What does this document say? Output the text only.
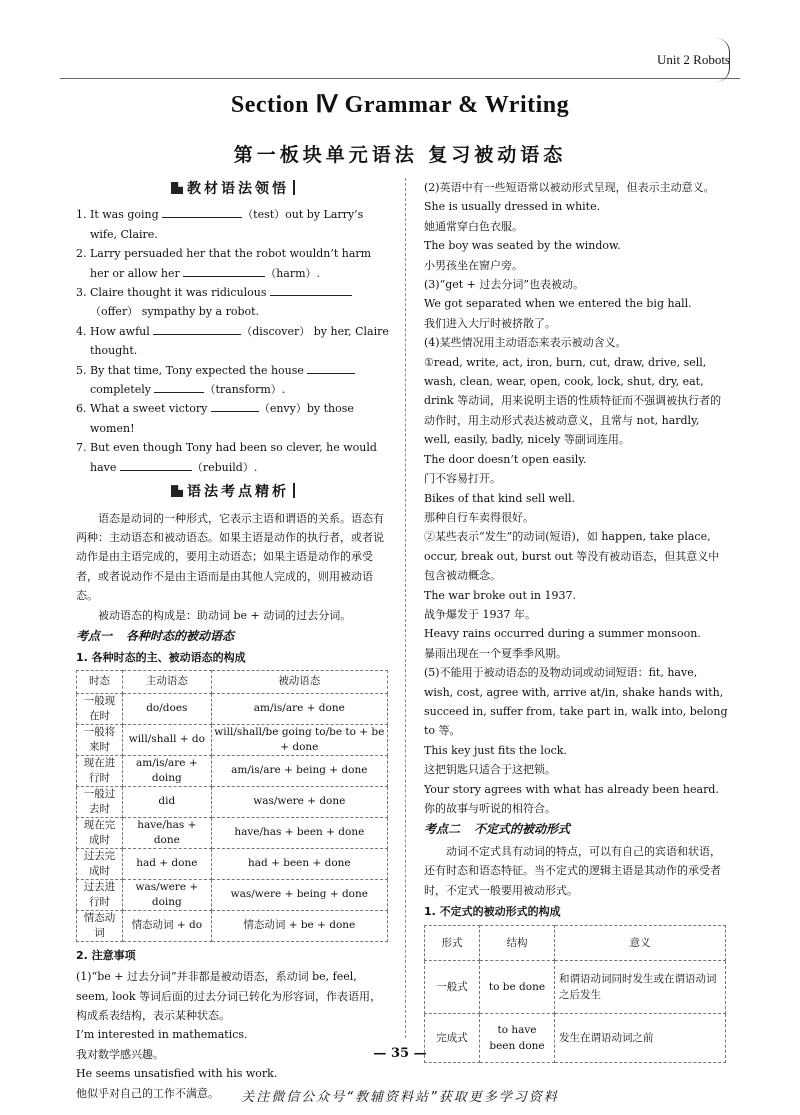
Unit 2 Robots
Section Ⅳ Grammar & Writing
第一板块单元语法 复习被动语态
教材语法领悟

1. It was going	（test）out by Larry’s wife, Claire.

2. Larry persuaded her that the robot wouldn’t harm her or allow her	（harm）.

3. Claire thought it was ridiculous （offer） sympathy by a robot.

4. How awful	（discover） by her, Claire thought.

5. By that time, Tony expected the house  completely	（transform）.

6. What a sweet victory	（envy）by those women!

7. But even though Tony had been so clever, he would have	（rebuild）.

语法考点精析

语态是动词的一种形式，它表示主语和谓语的关系。语态有两种：主动语态和被动语态。如果主语是动作的执行者，或者说动作是由主语完成的，要用主动语态；如果主语是动作的承受者，或者说动作不是由主语而是由其他人完成的，则用被动语态。

被动语态的构成是：助动词 be + 动词的过去分词。

考点一 各种时态的被动语态
1. 各种时态的主、被动语态的构成
时态	主动语态	被动语态
一般现在时	do/does	am/is/are + done
一般将来时	will/shall + do	will/shall/be going to/be to + be + done
现在进行时	am/is/are + doing	am/is/are + being + done
一般过去时	did	was/were + done
现在完成时	have/has + done	have/has + been + done
过去完成时	had + done	had + been + done
过去进行时	was/were + doing	was/were + being + done
情态动词	情态动词 + do	情态动词 + be + done
2. 注意事项

(1)“be + 过去分词”并非都是被动语态，系动词 be, feel, seem, look 等词后面的过去分词已转化为形容词，作表语用，构成系表结构，表示某种状态。

I’m interested in mathematics.

我对数学感兴趣。

He seems unsatisfied with his work.

他似乎对自己的工作不满意。

(2)英语中有一些短语常以被动形式呈现，但表示主动意义。

She is usually dressed in white.

她通常穿白色衣服。

The boy was seated by the window.

小男孩坐在窗户旁。

(3)“get + 过去分词”也表被动。

We got separated when we entered the big hall.

我们进入大厅时被挤散了。

(4)某些情况用主动语态来表示被动含义。

①read, write, act, iron, burn, cut, draw, drive, sell, wash, clean, wear, open, cook, lock, shut, dry, eat, drink 等动词，用来说明主语的性质特征而不强调被执行者的动作时，用主动形式表达被动意义，且常与 not, hardly, well, easily, badly, nicely 等副词连用。

The door doesn’t open easily.

门不容易打开。

Bikes of that kind sell well.

那种自行车卖得很好。

②某些表示“发生”的动词(短语)，如 happen, take place, occur, break out, burst out 等没有被动语态，但其意义中包含被动概念。

The war broke out in 1937.

战争爆发于 1937 年。

Heavy rains occurred during a summer monsoon.

暴雨出现在一个夏季季风期。

(5)不能用于被动语态的及物动词或动词短语：fit, have, wish, cost, agree with, arrive at/in, shake hands with, succeed in, suffer from, take part in, walk into, belong to 等。

This key just fits the lock.

这把钥匙只适合于这把锁。

Your story agrees with what has already been heard.

你的故事与听说的相符合。

考点二 不定式的被动形式

动词不定式具有动词的特点，可以有自己的宾语和状语，还有时态和语态特征。当不定式的逻辑主语是其动作的承受者时，不定式一般要用被动形式。

1. 不定式的被动形式的构成
形式	结构	意义
一般式	to be done	和谓语动词同时发生或在谓语动词之后发生
完成式	to have been done	发生在谓语动词之前
— 35 —
关注微信公众号“教辅资料站”获取更多学习资料
